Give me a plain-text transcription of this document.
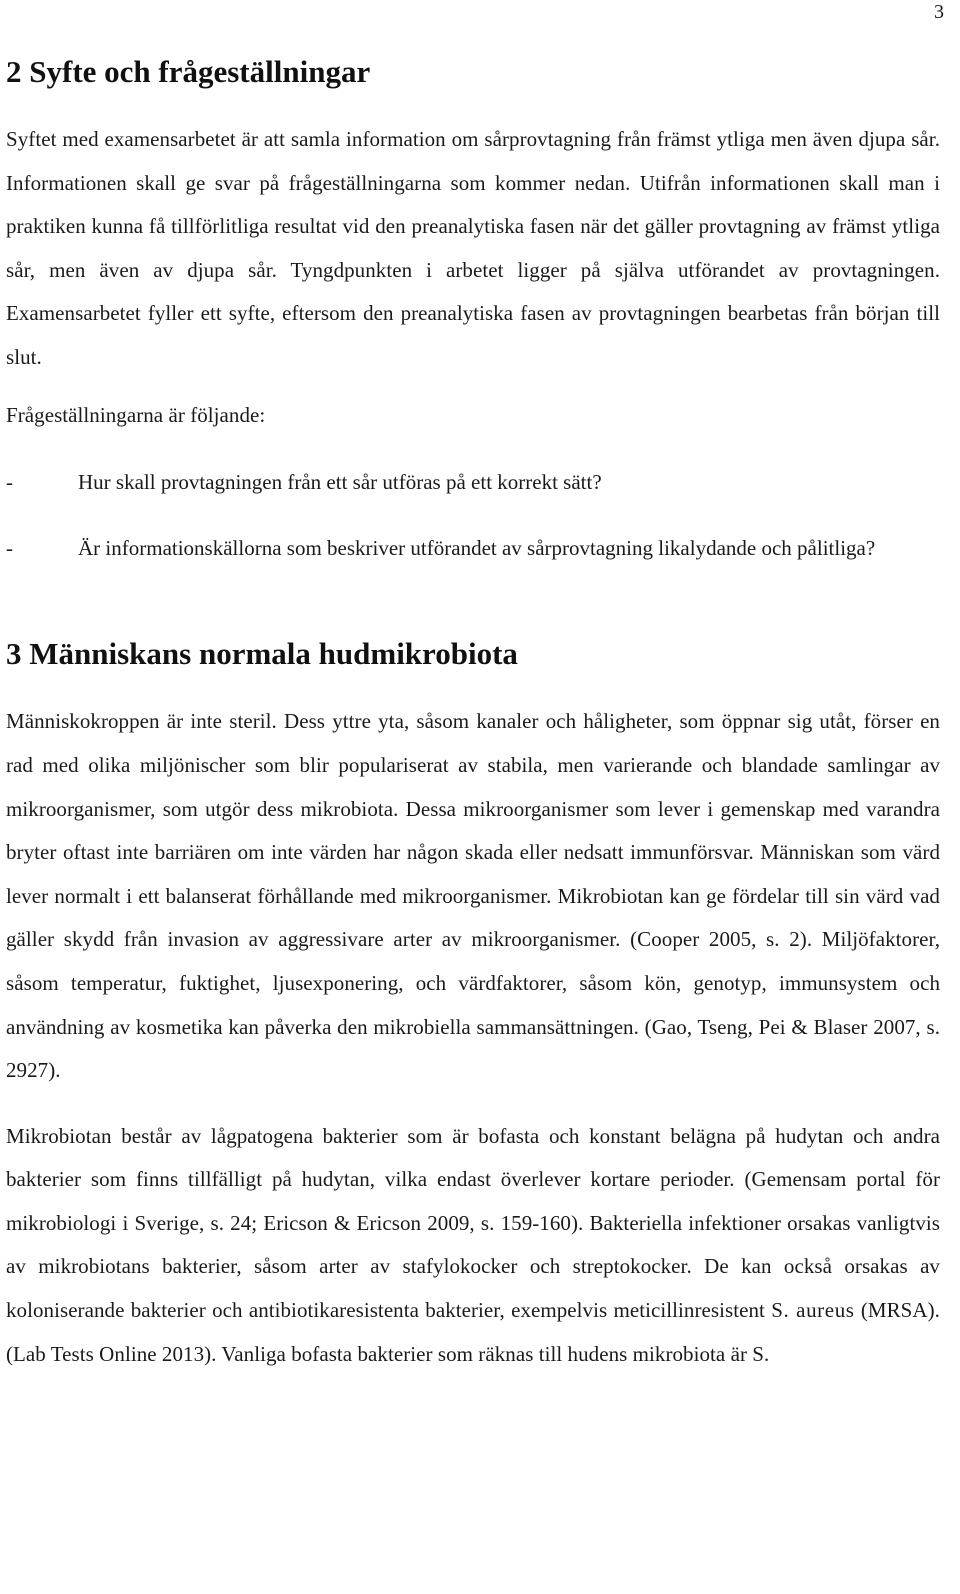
3
2 Syfte och frågeställningar

Syftet med examensarbetet är att samla information om sårprovtagning från främst ytliga men även djupa sår. Informationen skall ge svar på frågeställningarna som kommer nedan. Utifrån informationen skall man i praktiken kunna få tillförlitliga resultat vid den preanalytiska fasen när det gäller provtagning av främst ytliga sår, men även av djupa sår. Tyngdpunkten i arbetet ligger på själva utförandet av provtagningen. Examensarbetet fyller ett syfte, eftersom den preanalytiska fasen av provtagningen bearbetas från början till slut.

Frågeställningarna är följande:

-	Hur skall provtagningen från ett sår utföras på ett korrekt sätt?
-	Är informationskällorna som beskriver utförandet av sårprovtagning likalydande och pålitliga?
3 Människans normala hudmikrobiota

Människokroppen är inte steril. Dess yttre yta, såsom kanaler och håligheter, som öppnar sig utåt, förser en rad med olika miljönischer som blir populariserat av stabila, men varierande och blandade samlingar av mikroorganismer, som utgör dess mikrobiota. Dessa mikroorganismer som lever i gemenskap med varandra bryter oftast inte barriären om inte värden har någon skada eller nedsatt immunförsvar. Människan som värd lever normalt i ett balanserat förhållande med mikroorganismer. Mikrobiotan kan ge fördelar till sin värd vad gäller skydd från invasion av aggressivare arter av mikroorganismer. (Cooper 2005, s. 2). Miljöfaktorer, såsom temperatur, fuktighet, ljusexponering, och värdfaktorer, såsom kön, genotyp, immunsystem och användning av kosmetika kan påverka den mikrobiella sammansättningen. (Gao, Tseng, Pei & Blaser 2007, s. 2927).

Mikrobiotan består av lågpatogena bakterier som är bofasta och konstant belägna på hudytan och andra bakterier som finns tillfälligt på hudytan, vilka endast överlever kortare perioder. (Gemensam portal för mikrobiologi i Sverige, s. 24; Ericson & Ericson 2009, s. 159-160). Bakteriella infektioner orsakas vanligtvis av mikrobiotans bakterier, såsom arter av stafylokocker och streptokocker. De kan också orsakas av koloniserande bakterier och antibiotikaresistenta bakterier, exempelvis meticillinresistent S. aureus (MRSA). (Lab Tests Online 2013). Vanliga bofasta bakterier som räknas till hudens mikrobiota är S.
